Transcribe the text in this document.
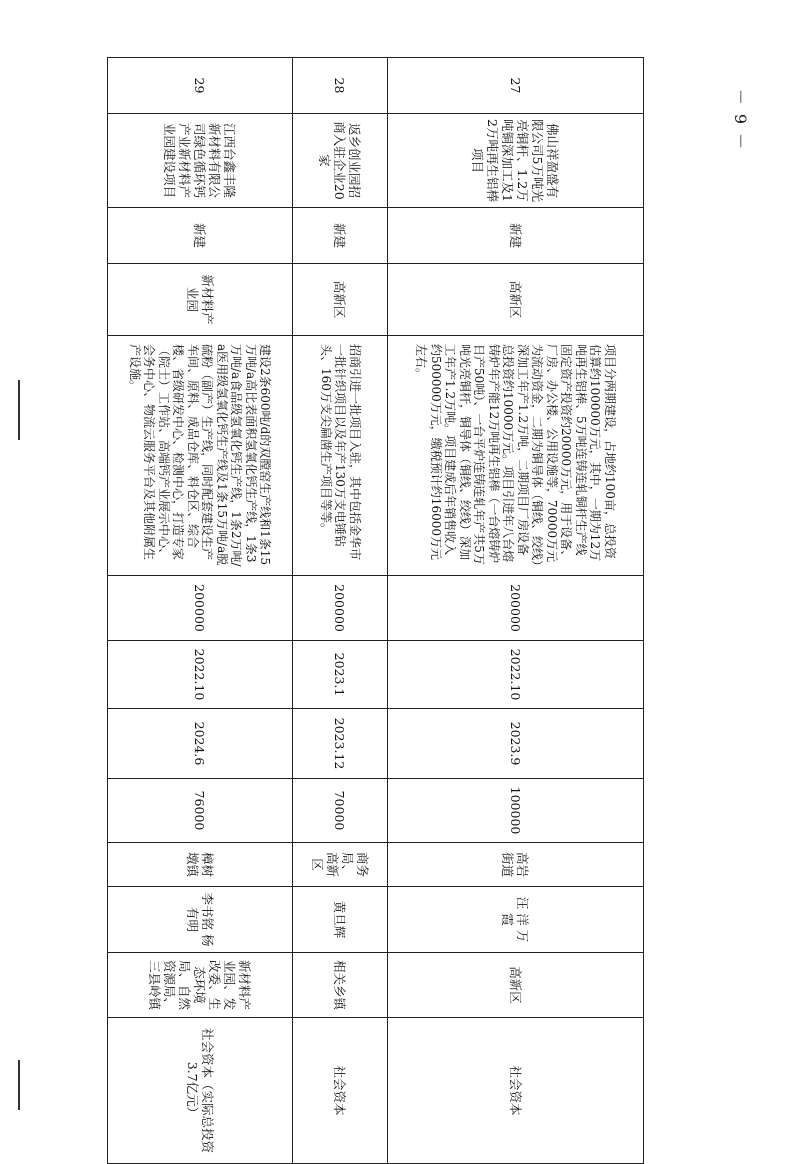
27	佛山祥盈盛有限公司5万吨光亮铜杆、1.2万吨铜深加工及12万吨再生铝棒项目	新建	高新区	项目分两期建设，占地约100亩，总投资估算约100000万元，其中，一期为12万吨再生铝棒、5万吨连铸连轧铜杆生产线固定资产投资约20000万元，用于设备、厂房、办公楼、公用设施等，70000万元为流动资金，二期为铜导体（铜线、绞线）深加工年产1.2万吨，二期项目厂房设备总投资约10000万元。项目引进年八台熔铸炉年产能12万吨再生铝棒（一台熔铸炉日产50吨）、一台平炉连铸连轧年产共5万吨光亮铜杆，铜导体（铜线、绞线）深加工年产1.2万吨。项目建成后年销售收入约500000万元，缴税预计约16000万元左右。	200000	2022.10	2023.9	100000	高岩街道	汪 洋 万 霞	高新区	社会资本
28	返乡创业园招商入驻企业20家	新建	高新区	招商引进一批项目入驻，其中包括金华市一批针织项目以及年产130万支电锤钻头、160万支尖扁凿生产项目等等。	200000	2023.1	2023.12	70000	商务局、高新区	黄旦辉	相关乡镇	社会资本
29	江西台鑫丰隆新材料有限公司绿色循环钙产业新材料产业园建设项目	新建	新材料产业园	建设2条600吨/d的双膛窑生产线和1条15万吨/a高比表面积氢氧化钙生产线，1条3万吨/a食品级氢氧化钙生产线，1条2万吨/a医用级氢氧化钙生产线及1条15万吨/a脱硫粉（副产）生产线，同时配套建设生产车间、原料、成品仓库、料仓区、综合楼、省级研发中心、检测中心，打造专家（院士）工作站、高端钙产业展示中心、会务中心、物流云服务平台及其他附属生产设施。	200000	2022.10	2024.6	76000	樟树墩镇	李书铭 杨有明	新材料产业园、发改委、生态环境局、自然资源局、三县岭镇	社会资本（实际总投资3.7亿元）
－ 9 －
